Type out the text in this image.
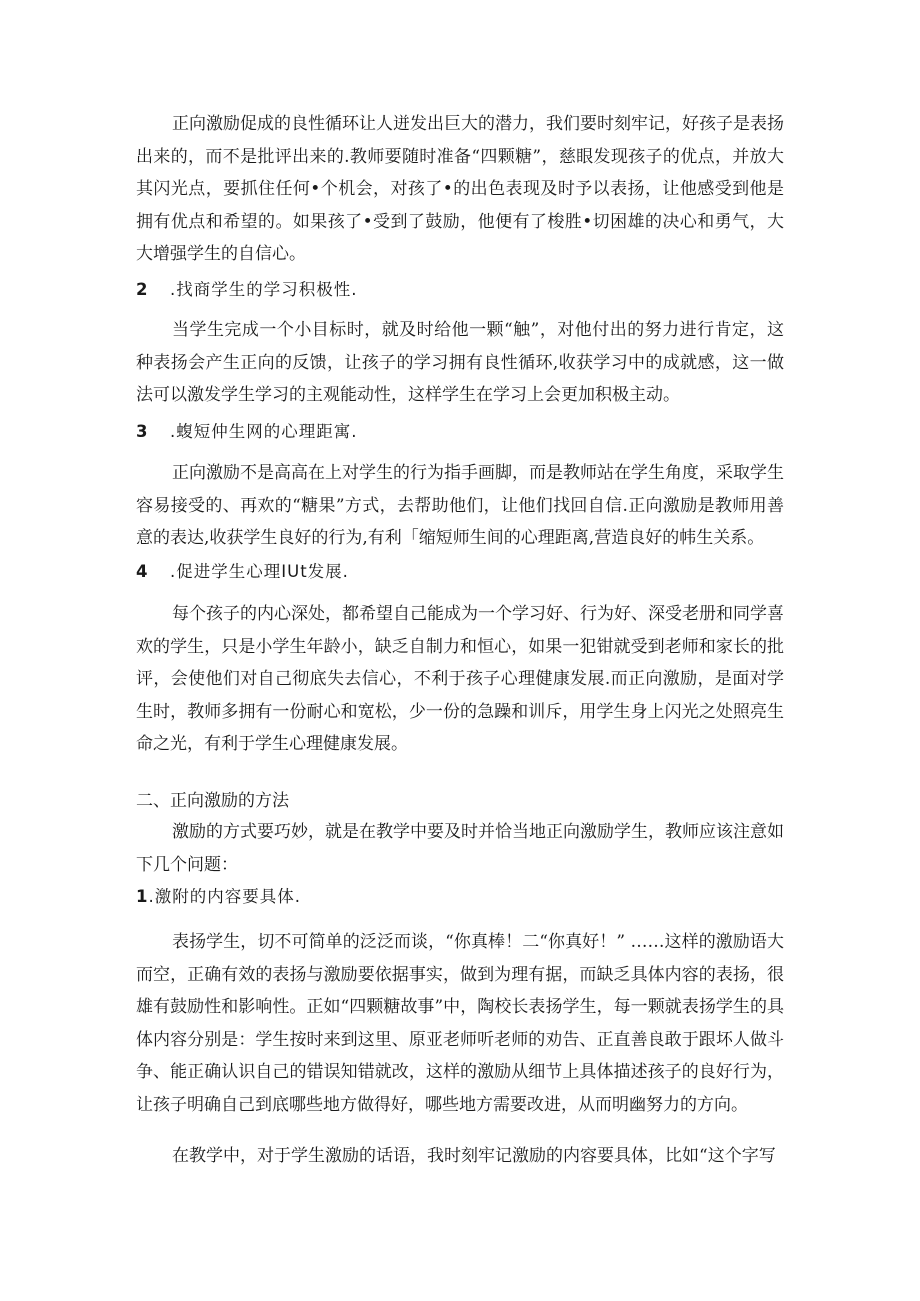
正向激励促成的良性循环让人迸发出巨大的潜力，我们要时刻牢记，好孩子是表扬出来的，而不是批评出来的.教师要随时准备“四颗糖”，慈眼发现孩子的优点，并放大其闪光点，要抓住任何•个机会，对孩了•的出色表现及时予以表扬，让他感受到他是拥有优点和希望的。如果孩了•受到了鼓励，他便有了梭胜•切困雄的决心和勇气，大大增强学生的自信心。

2 .找商学生的学习积极性.

当学生完成一个小目标时，就及时给他一颗“触”，对他付出的努力进行肯定，这种表扬会产生正向的反馈，让孩子的学习拥有良性循环,收获学习中的成就感，这一做法可以激发学生学习的主观能动性，这样学生在学习上会更加积极主动。

3 .蝮短仲生网的心理距寓.

正向激励不是高高在上对学生的行为指手画脚，而是教师站在学生角度，采取学生容易接受的、再欢的“糖果”方式，去帮助他们，让他们找回自信.正向激励是教师用善意的表达,收获学生良好的行为,有利「缩短师生间的心理距离,营造良好的帏生关系。

4 .促进学生心理IUt发展.

每个孩子的内心深处，都希望自己能成为一个学习好、行为好、深受老册和同学喜欢的学生，只是小学生年龄小，缺乏自制力和恒心，如果一犯钳就受到老师和家长的批评，会使他们对自己彻底失去信心，不利于孩子心理健康发展.而正向激励，是面对学生时，教师多拥有一份耐心和宽松，少一份的急躁和训斥，用学生身上闪光之处照亮生命之光，有利于学生心理健康发展。

二、正向激励的方法

激励的方式要巧妙，就是在教学中要及时并恰当地正向激励学生，教师应该注意如下几个问题：

1.激附的内容要具体.

表扬学生，切不可简单的泛泛而谈，“你真棒！二“你真好！” ……这样的激励语大而空，正确有效的表扬与激励要依据事实，做到为理有据，而缺乏具体内容的表扬，很雄有鼓励性和影响性。正如“四颗糖故事”中，陶校长表扬学生，每一颗就表扬学生的具体内容分别是：学生按时来到这里、原亚老师听老师的劝告、正直善良敢于跟坏人做斗争、能正确认识自己的错误知错就改，这样的激励从细节上具体描述孩子的良好行为，让孩子明确自己到底哪些地方做得好，哪些地方需要改进，从而明幽努力的方向。

在教学中，对于学生激励的话语，我时刻牢记激励的内容要具体，比如“这个字写
